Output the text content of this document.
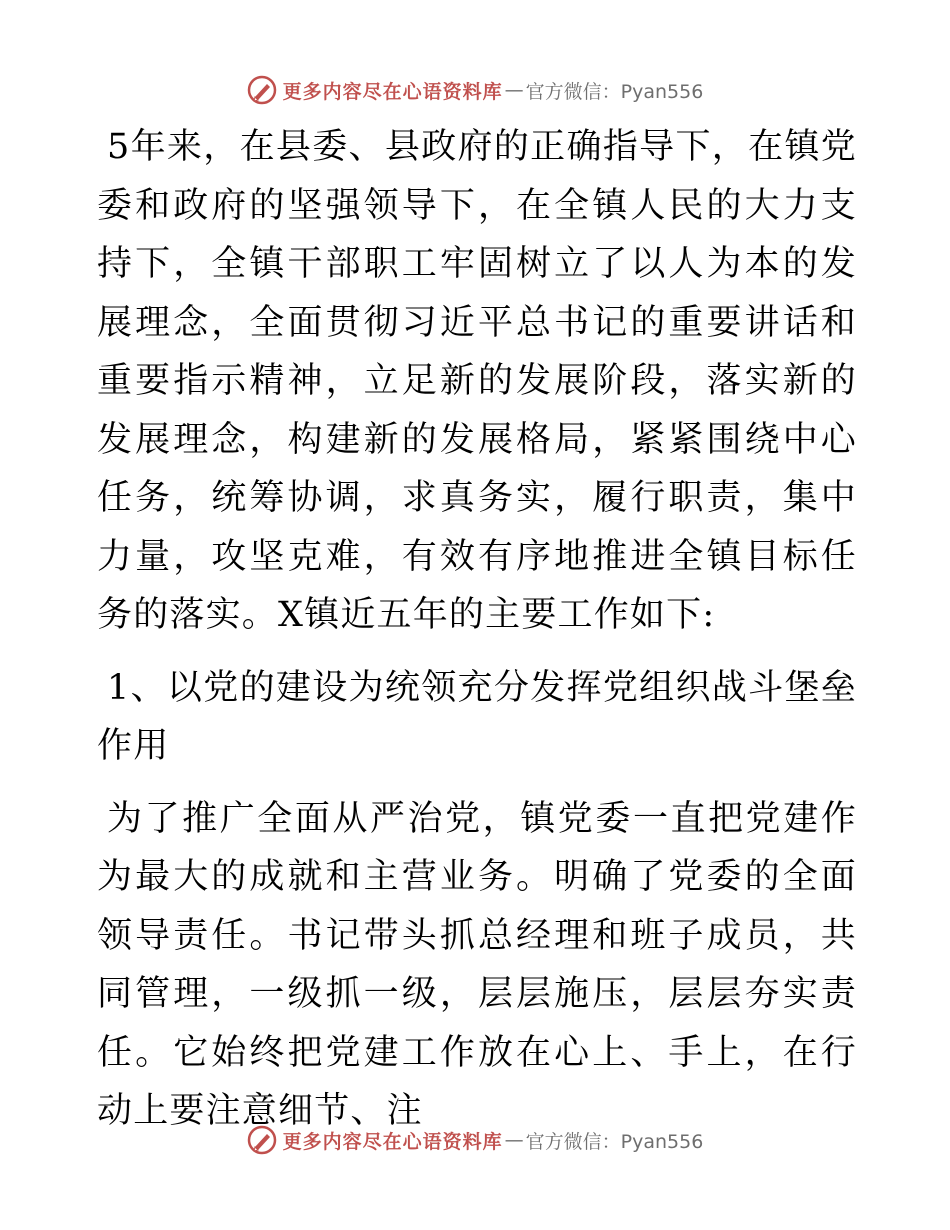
更多内容尽在心语资料库 — 官方微信：Pyan556

5年来，在县委、县政府的正确指导下，在镇党委和政府的坚强领导下，在全镇人民的大力支持下，全镇干部职工牢固树立了以人为本的发展理念，全面贯彻习近平总书记的重要讲话和重要指示精神，立足新的发展阶段，落实新的发展理念，构建新的发展格局，紧紧围绕中心任务，统筹协调，求真务实，履行职责，集中力量，攻坚克难，有效有序地推进全镇目标任务的落实。X镇近五年的主要工作如下:

1、以党的建设为统领充分发挥党组织战斗堡垒作用

为了推广全面从严治党，镇党委一直把党建作为最大的成就和主营业务。明确了党委的全面领导责任。书记带头抓总经理和班子成员，共同管理，一级抓一级，层层施压，层层夯实责任。它始终把党建工作放在心上、手上，在行动上要注意细节、注

更多内容尽在心语资料库 — 官方微信：Pyan556
